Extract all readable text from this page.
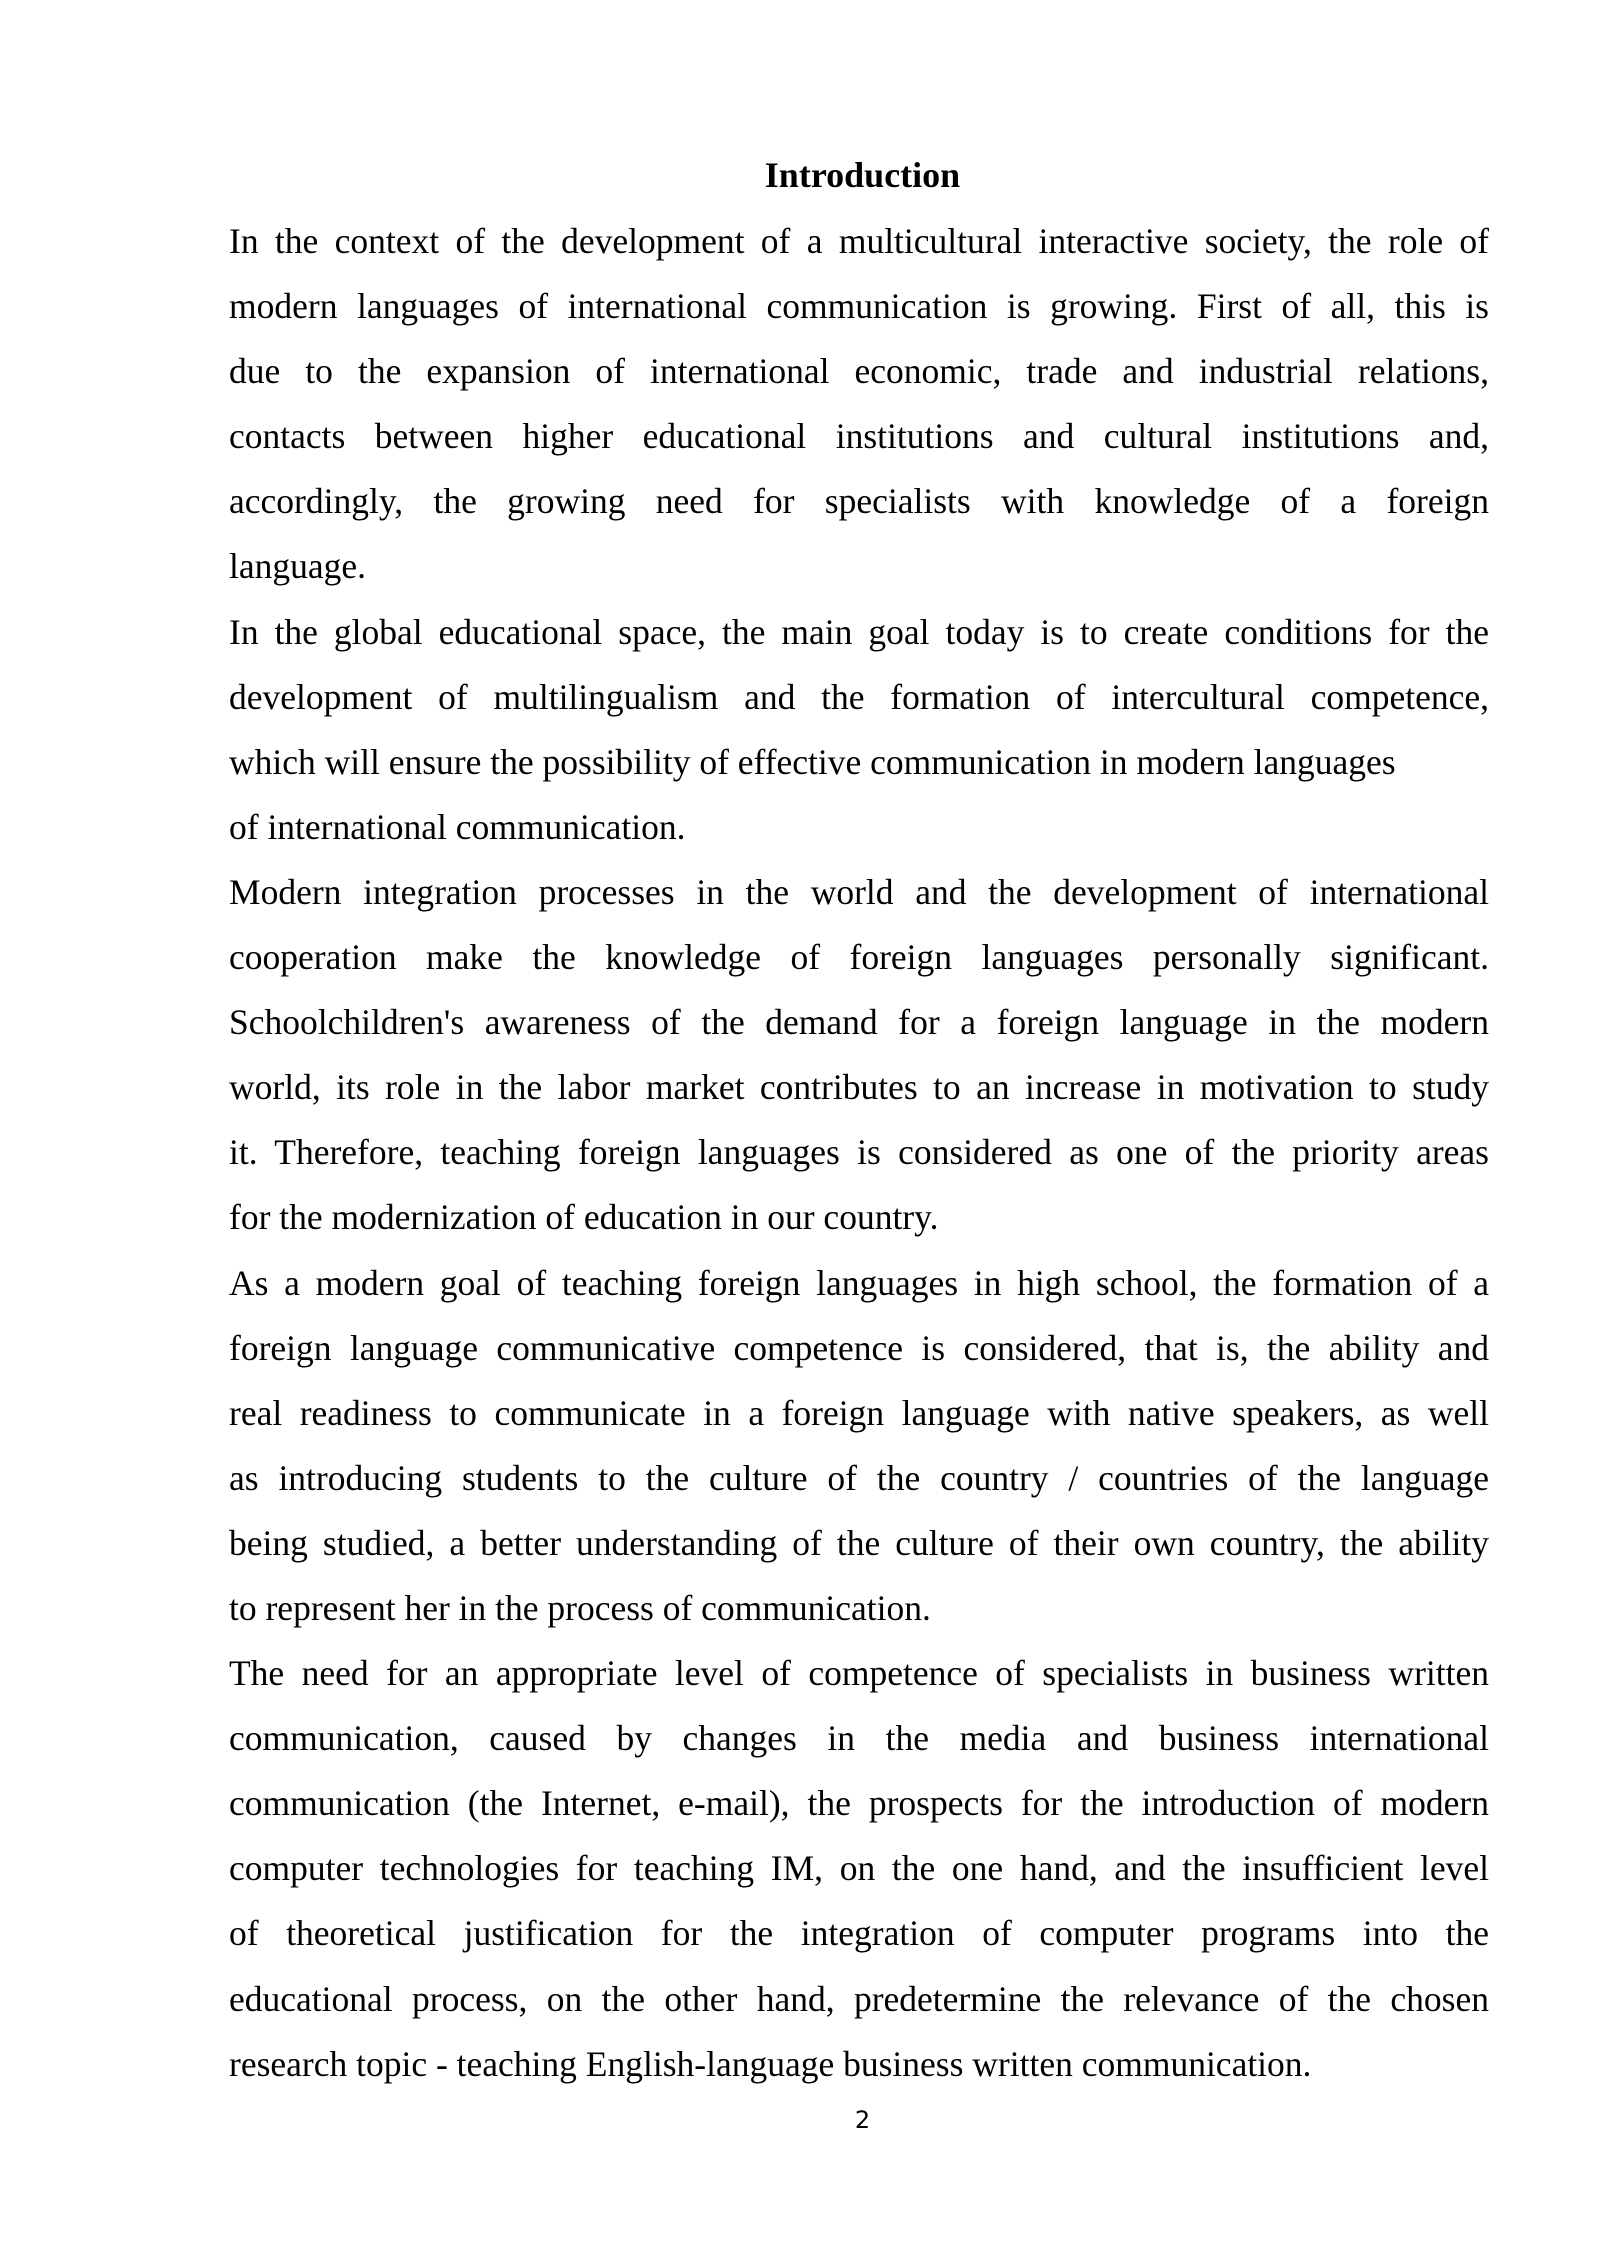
Introduction

In the context of the development of a multicultural interactive society, the role of
modern languages of international communication is growing. First of all, this is
due to the expansion of international economic, trade and industrial relations,
contacts between higher educational institutions and cultural institutions and,
accordingly, the growing need for specialists with knowledge of a foreign
language.

In the global educational space, the main goal today is to create conditions for the
development of multilingualism and the formation of intercultural competence,
which will ensure the possibility of effective communication in modern languages
of international communication.

Modern integration processes in the world and the development of international
cooperation make the knowledge of foreign languages personally significant.
Schoolchildren's awareness of the demand for a foreign language in the modern
world, its role in the labor market contributes to an increase in motivation to study
it. Therefore, teaching foreign languages is considered as one of the priority areas
for the modernization of education in our country.

As a modern goal of teaching foreign languages in high school, the formation of a
foreign language communicative competence is considered, that is, the ability and
real readiness to communicate in a foreign language with native speakers, as well
as introducing students to the culture of the country / countries of the language
being studied, a better understanding of the culture of their own country, the ability
to represent her in the process of communication.

The need for an appropriate level of competence of specialists in business written
communication, caused by changes in the media and business international
communication (the Internet, e-mail), the prospects for the introduction of modern
computer technologies for teaching IM, on the one hand, and the insufficient level
of theoretical justification for the integration of computer programs into the
educational process, on the other hand, predetermine the relevance of the chosen
research topic - teaching English-language business written communication.

2
